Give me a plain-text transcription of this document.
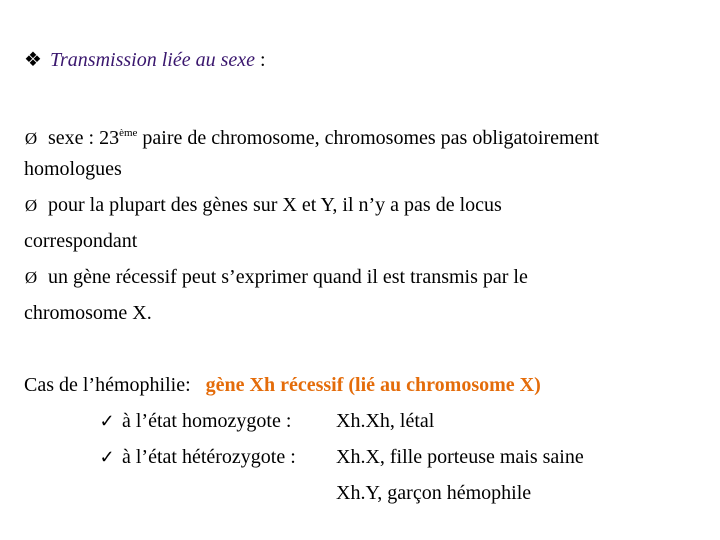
❖ Transmission liée au sexe :
Ø sexe : 23ème paire de chromosome, chromosomes pas obligatoirement
homologues
Ø pour la plupart des gènes sur X et Y, il n’y a pas de locus
correspondant
Ø un gène récessif peut s’exprimer quand il est transmis par le
chromosome X.
Cas de l’hémophilie: gène Xh récessif (lié au chromosome X)
✓ à l’état homozygote : Xh.Xh, létal
✓ à l’état hétérozygote : Xh.X, fille porteuse mais saine
Xh.Y, garçon hémophile
